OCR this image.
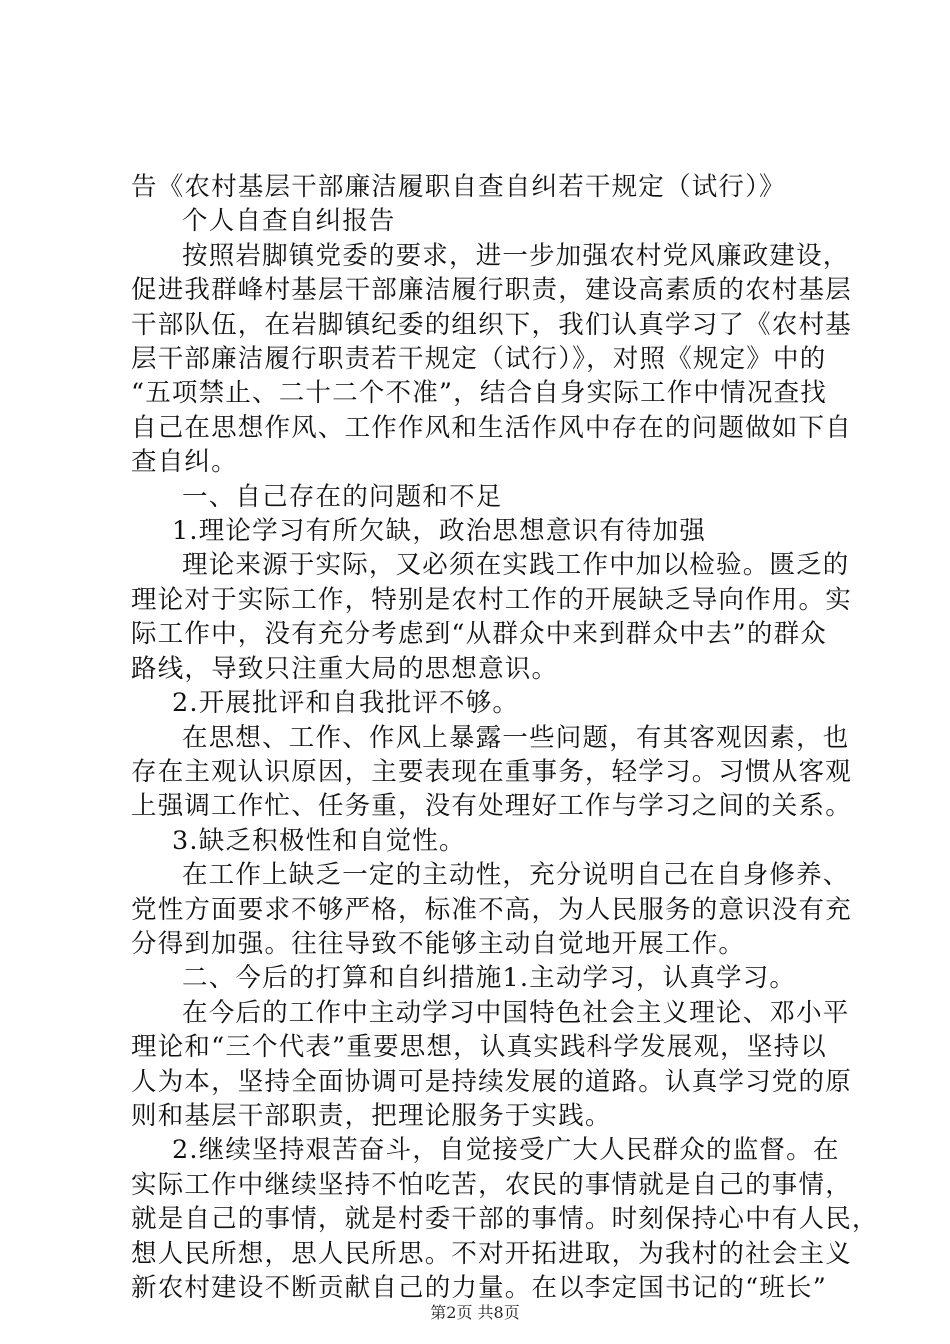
告《农村基层干部廉洁履职自查自纠若干规定（试行）》
个人自查自纠报告
按照岩脚镇党委的要求，进一步加强农村党风廉政建设，
促进我群峰村基层干部廉洁履行职责，建设高素质的农村基层
干部队伍，在岩脚镇纪委的组织下，我们认真学习了《农村基
层干部廉洁履行职责若干规定（试行）》，对照《规定》中的
“五项禁止、二十二个不准”，结合自身实际工作中情况查找
自己在思想作风、工作作风和生活作风中存在的问题做如下自
查自纠。
一、自己存在的问题和不足
1.理论学习有所欠缺，政治思想意识有待加强
理论来源于实际，又必须在实践工作中加以检验。匮乏的
理论对于实际工作，特别是农村工作的开展缺乏导向作用。实
际工作中，没有充分考虑到“从群众中来到群众中去”的群众
路线，导致只注重大局的思想意识。
2.开展批评和自我批评不够。
在思想、工作、作风上暴露一些问题，有其客观因素，也
存在主观认识原因，主要表现在重事务，轻学习。习惯从客观
上强调工作忙、任务重，没有处理好工作与学习之间的关系。
3.缺乏积极性和自觉性。
在工作上缺乏一定的主动性，充分说明自己在自身修养、
党性方面要求不够严格，标准不高，为人民服务的意识没有充
分得到加强。往往导致不能够主动自觉地开展工作。
二、今后的打算和自纠措施1.主动学习，认真学习。
在今后的工作中主动学习中国特色社会主义理论、邓小平
理论和“三个代表”重要思想，认真实践科学发展观，坚持以
人为本，坚持全面协调可是持续发展的道路。认真学习党的原
则和基层干部职责，把理论服务于实践。
2.继续坚持艰苦奋斗，自觉接受广大人民群众的监督。在
实际工作中继续坚持不怕吃苦，农民的事情就是自己的事情，
就是自己的事情，就是村委干部的事情。时刻保持心中有人民，
想人民所想，思人民所思。不对开拓进取，为我村的社会主义
新农村建设不断贡献自己的力量。在以李定国书记的“班长”
第2页 共8页
